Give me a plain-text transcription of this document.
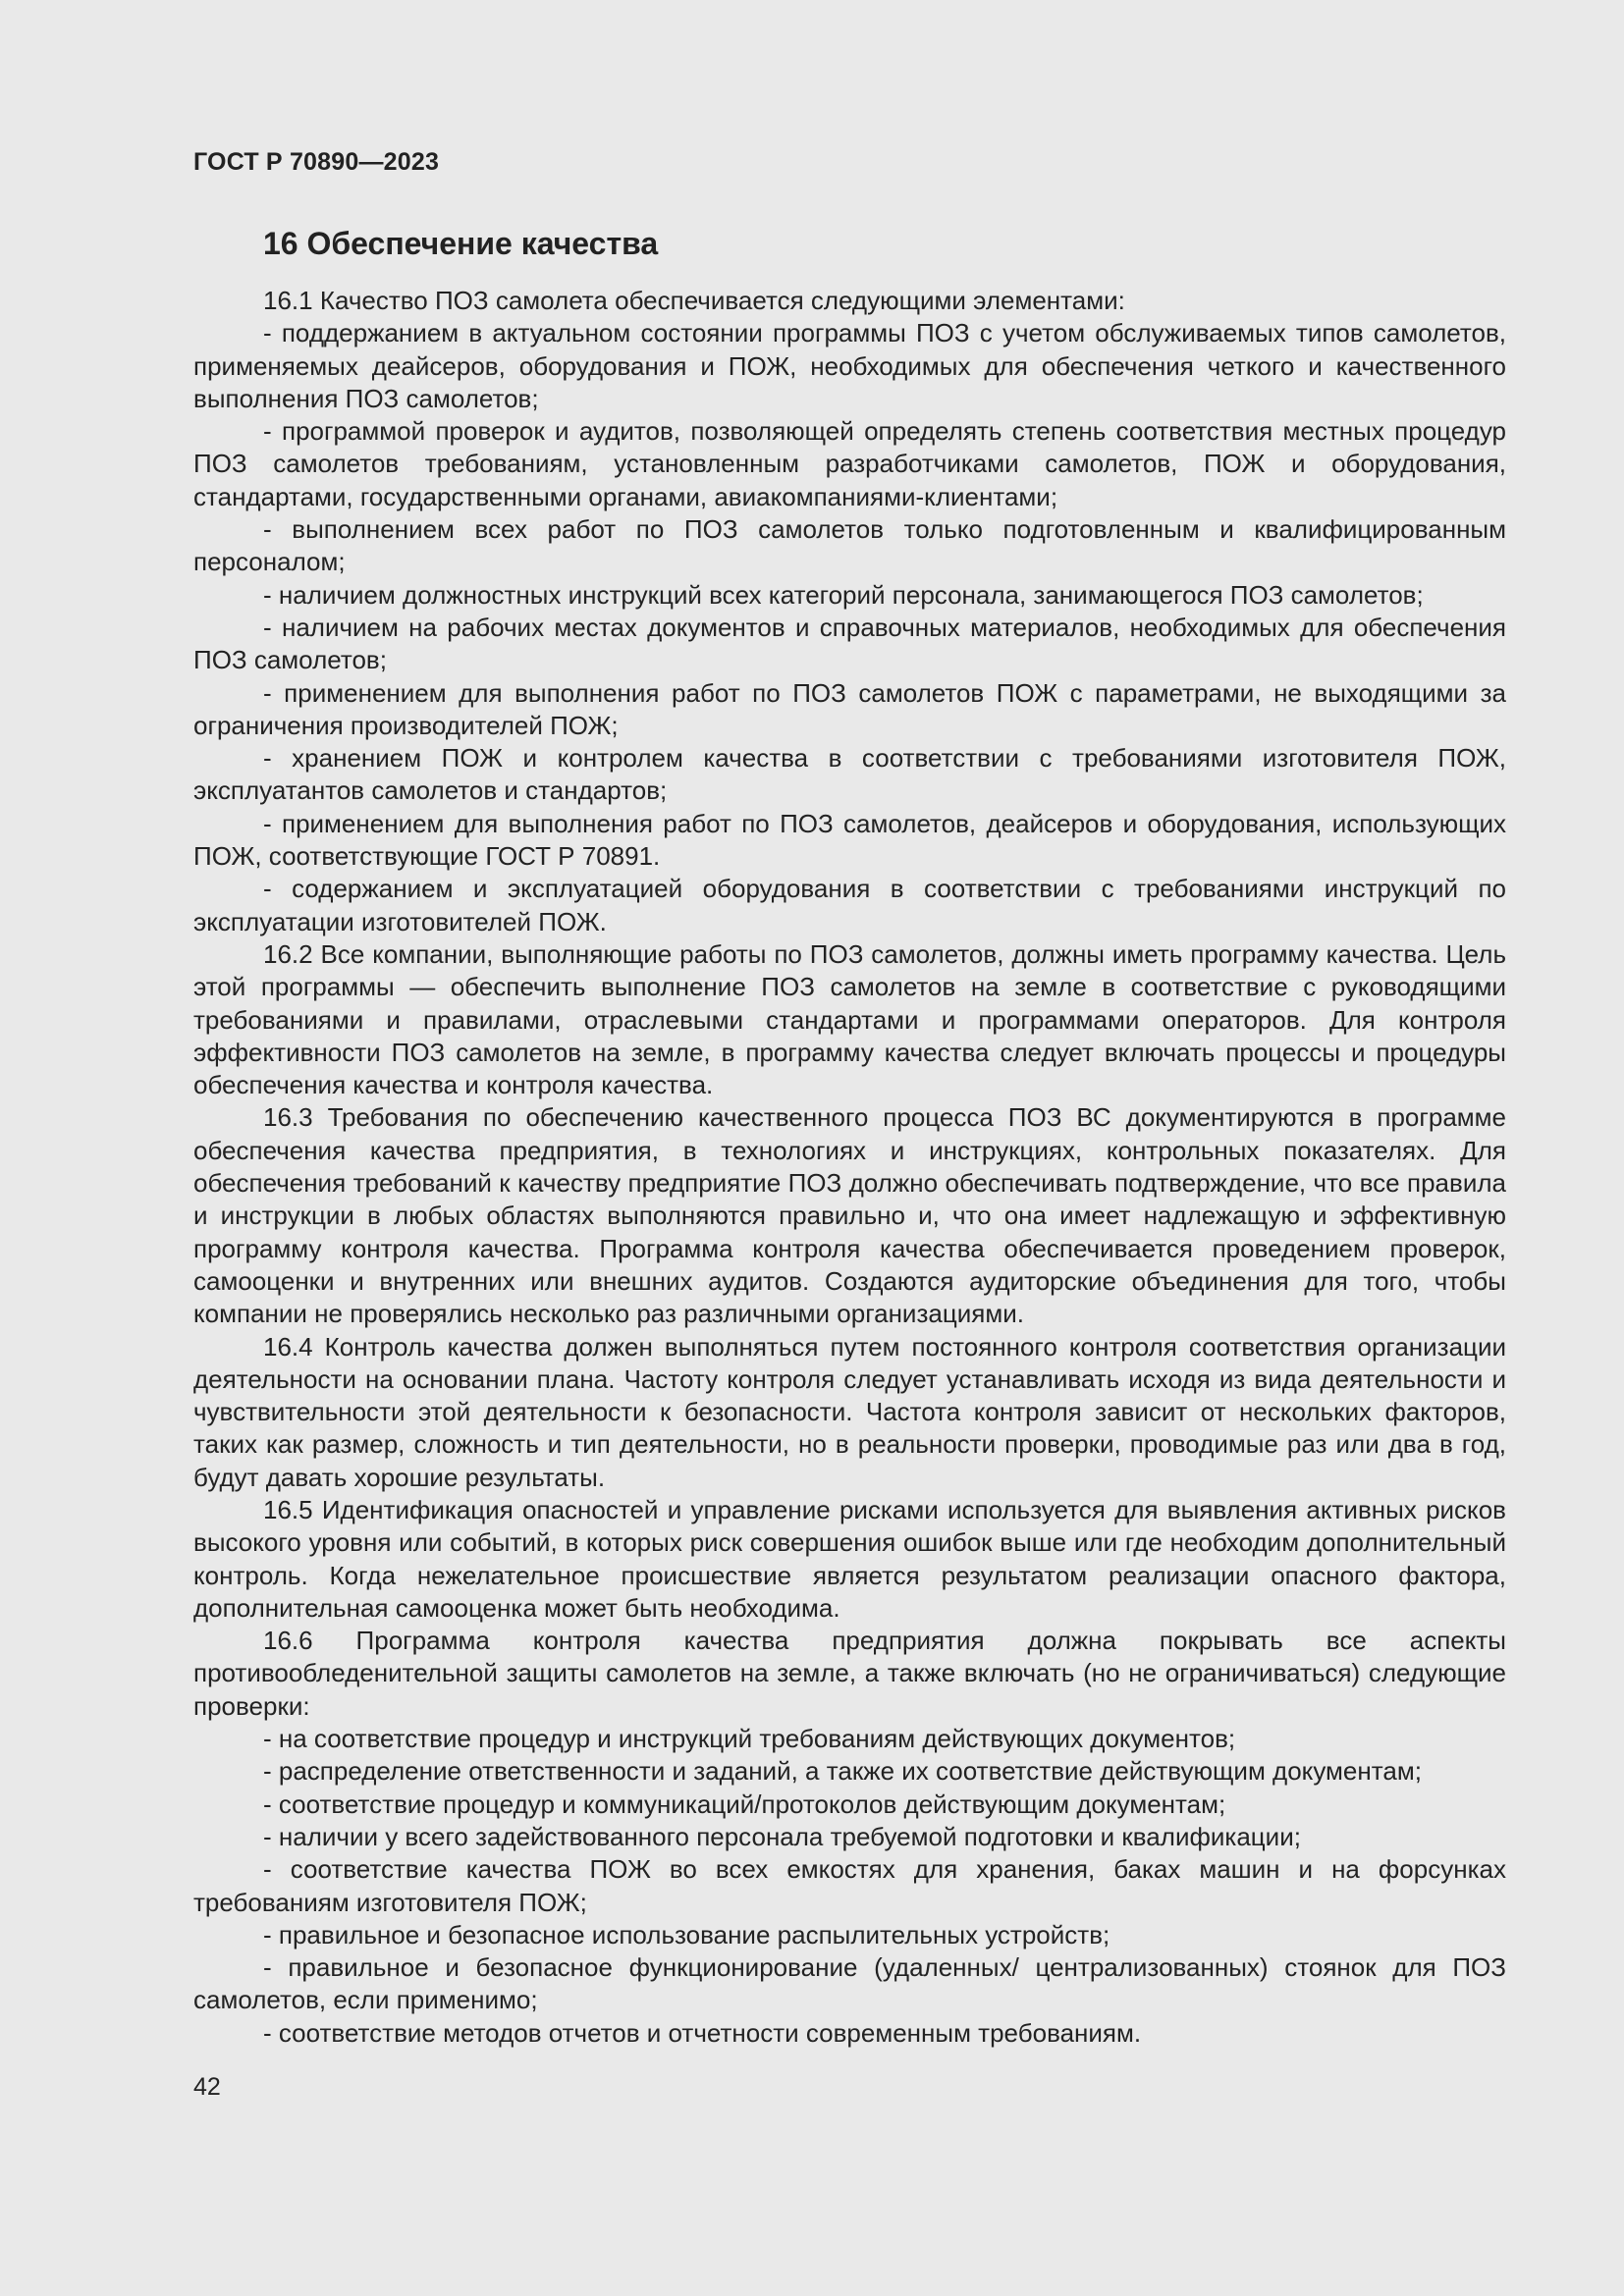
ГОСТ Р 70890—2023
16 Обеспечение качества

16.1 Качество ПОЗ самолета обеспечивается следующими элементами:

- поддержанием в актуальном состоянии программы ПОЗ с учетом обслуживаемых типов самолетов, применяемых деайсеров, оборудования и ПОЖ, необходимых для обеспечения четкого и качественного выполнения ПОЗ самолетов;

- программой проверок и аудитов, позволяющей определять степень соответствия местных процедур ПОЗ самолетов требованиям, установленным разработчиками самолетов, ПОЖ и оборудования, стандартами, государственными органами, авиакомпаниями-клиентами;

- выполнением всех работ по ПОЗ самолетов только подготовленным и квалифицированным персоналом;

- наличием должностных инструкций всех категорий персонала, занимающегося ПОЗ самолетов;

- наличием на рабочих местах документов и справочных материалов, необходимых для обеспечения ПОЗ самолетов;

- применением для выполнения работ по ПОЗ самолетов ПОЖ с параметрами, не выходящими за ограничения производителей ПОЖ;

- хранением ПОЖ и контролем качества в соответствии с требованиями изготовителя ПОЖ, эксплуатантов самолетов и стандартов;

- применением для выполнения работ по ПОЗ самолетов, деайсеров и оборудования, использующих ПОЖ, соответствующие ГОСТ Р 70891.

- содержанием и эксплуатацией оборудования в соответствии с требованиями инструкций по эксплуатации изготовителей ПОЖ.

16.2 Все компании, выполняющие работы по ПОЗ самолетов, должны иметь программу качества. Цель этой программы — обеспечить выполнение ПОЗ самолетов на земле в соответствие с руководящими требованиями и правилами, отраслевыми стандартами и программами операторов. Для контроля эффективности ПОЗ самолетов на земле, в программу качества следует включать процессы и процедуры обеспечения качества и контроля качества.

16.3 Требования по обеспечению качественного процесса ПОЗ ВС документируются в программе обеспечения качества предприятия, в технологиях и инструкциях, контрольных показателях. Для обеспечения требований к качеству предприятие ПОЗ должно обеспечивать подтверждение, что все правила и инструкции в любых областях выполняются правильно и, что она имеет надлежащую и эффективную программу контроля качества. Программа контроля качества обеспечивается проведением проверок, самооценки и внутренних или внешних аудитов. Создаются аудиторские объединения для того, чтобы компании не проверялись несколько раз различными организациями.

16.4 Контроль качества должен выполняться путем постоянного контроля соответствия организации деятельности на основании плана. Частоту контроля следует устанавливать исходя из вида деятельности и чувствительности этой деятельности к безопасности. Частота контроля зависит от нескольких факторов, таких как размер, сложность и тип деятельности, но в реальности проверки, проводимые раз или два в год, будут давать хорошие результаты.

16.5 Идентификация опасностей и управление рисками используется для выявления активных рисков высокого уровня или событий, в которых риск совершения ошибок выше или где необходим дополнительный контроль. Когда нежелательное происшествие является результатом реализации опасного фактора, дополнительная самооценка может быть необходима.

16.6 Программа контроля качества предприятия должна покрывать все аспекты противообледенительной защиты самолетов на земле, а также включать (но не ограничиваться) следующие проверки:

- на соответствие процедур и инструкций требованиям действующих документов;

- распределение ответственности и заданий, а также их соответствие действующим документам;

- соответствие процедур и коммуникаций/протоколов действующим документам;

- наличии у всего задействованного персонала требуемой подготовки и квалификации;

- соответствие качества ПОЖ во всех емкостях для хранения, баках машин и на форсунках требованиям изготовителя ПОЖ;

- правильное и безопасное использование распылительных устройств;

- правильное и безопасное функционирование (удаленных/ централизованных) стоянок для ПОЗ самолетов, если применимо;

- соответствие методов отчетов и отчетности современным требованиям.

42
